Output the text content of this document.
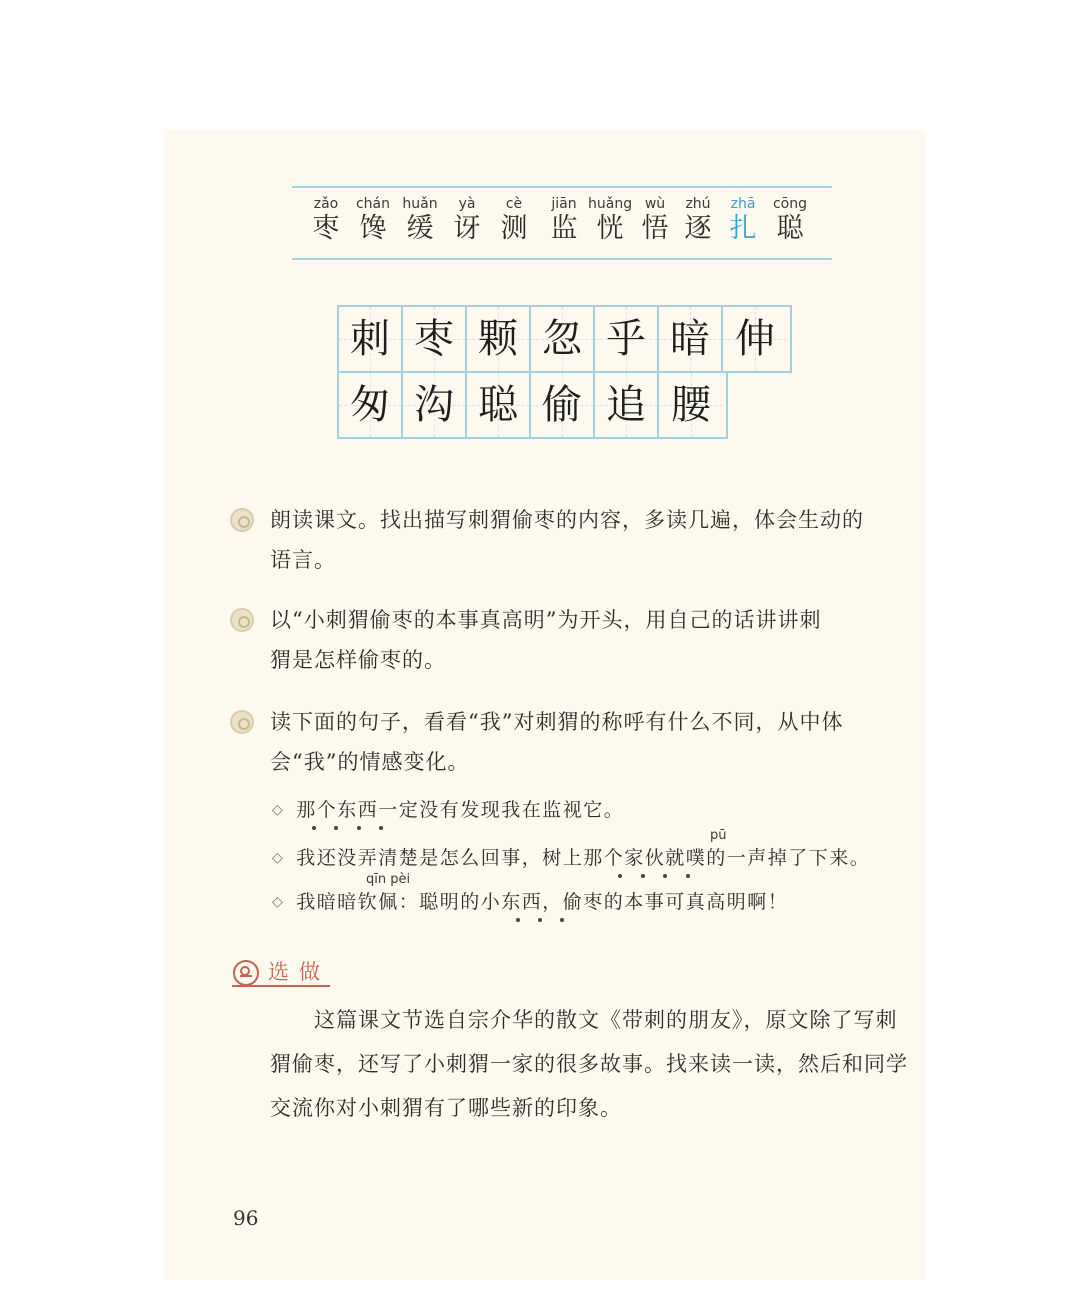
zǎo
枣
chán
馋
huǎn
缓
yà
讶
cè
测
jiān
监
huǎng
恍
wù
悟
zhú
逐
zhā
扎
cōng
聪
刺 枣 颗 忽 乎 暗 伸
匆 沟 聪 偷 追 腰
朗读课文。找出描写刺猬偷枣的内容，多读几遍，体会生动的
语言。
以“小刺猬偷枣的本事真高明”为开头，用自己的话讲讲刺
猬是怎样偷枣的。
读下面的句子，看看“我”对刺猬的称呼有什么不同，从中体
会“我”的情感变化。
◇ 那个东西一定没有发现我在监视它。
pū
◇ 我还没弄清楚是怎么回事，树上那个家伙就噗的一声掉了下来。
qīn pèi
◇ 我暗暗钦佩：聪明的小东西，偷枣的本事可真高明啊！
选做
这篇课文节选自宗介华的散文《带刺的朋友》，原文除了写刺猬偷枣，还写了小刺猬一家的很多故事。找来读一读，然后和同学交流你对小刺猬有了哪些新的印象。
96
